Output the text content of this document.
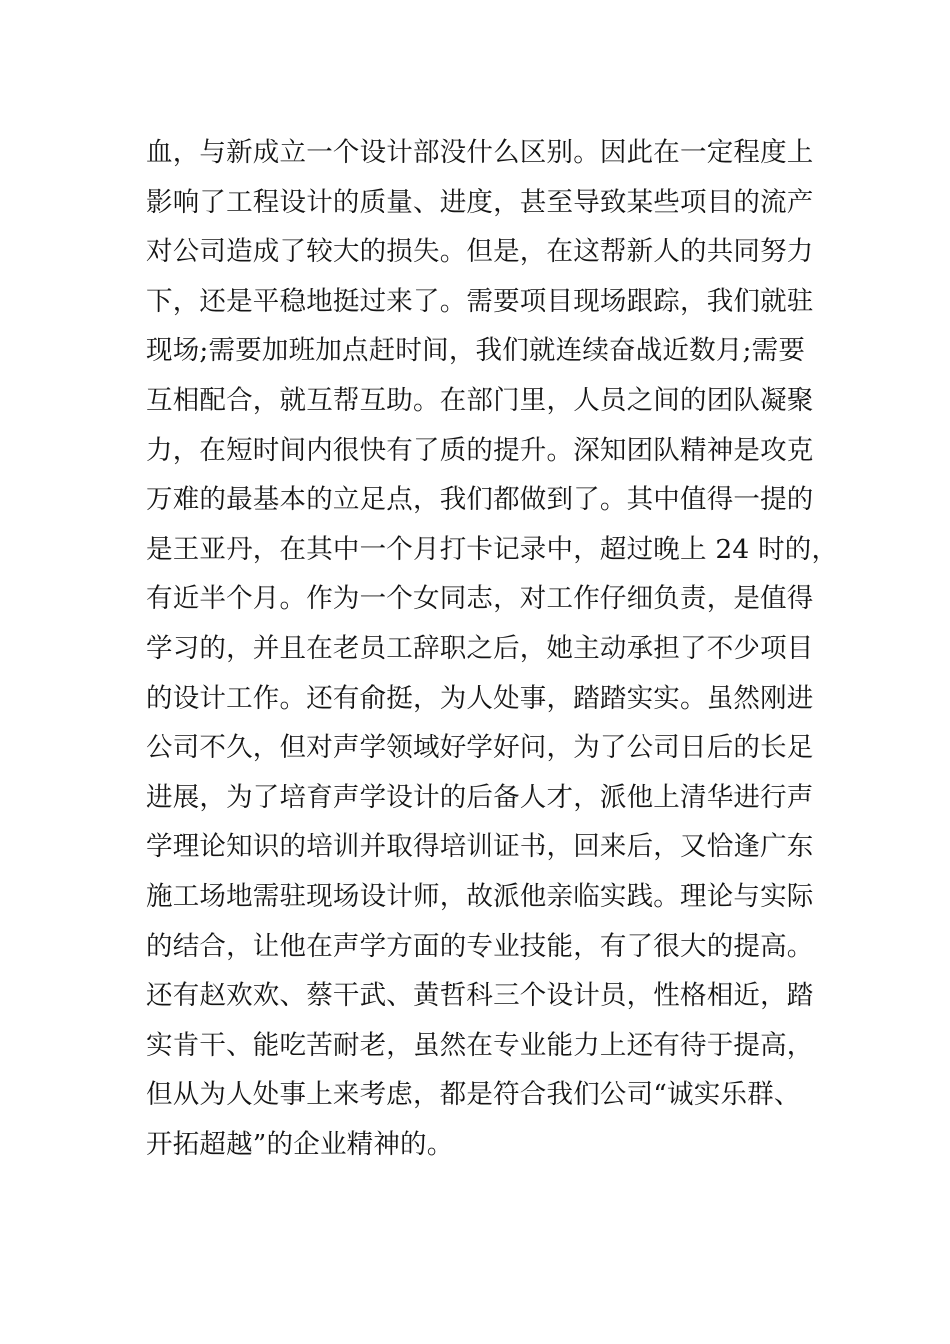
血，与新成立一个设计部没什么区别。因此在一定程度上
影响了工程设计的质量、进度，甚至导致某些项目的流产
对公司造成了较大的损失。但是，在这帮新人的共同努力
下，还是平稳地挺过来了。需要项目现场跟踪，我们就驻
现场;需要加班加点赶时间，我们就连续奋战近数月;需要
互相配合，就互帮互助。在部门里，人员之间的团队凝聚
力，在短时间内很快有了质的提升。深知团队精神是攻克
万难的最基本的立足点，我们都做到了。其中值得一提的
是王亚丹，在其中一个月打卡记录中，超过晚上 24 时的，
有近半个月。作为一个女同志，对工作仔细负责，是值得
学习的，并且在老员工辞职之后，她主动承担了不少项目
的设计工作。还有俞挺，为人处事，踏踏实实。虽然刚进
公司不久，但对声学领域好学好问，为了公司日后的长足
进展，为了培育声学设计的后备人才，派他上清华进行声
学理论知识的培训并取得培训证书，回来后，又恰逢广东
施工场地需驻现场设计师，故派他亲临实践。理论与实际
的结合，让他在声学方面的专业技能，有了很大的提高。
还有赵欢欢、蔡干武、黄哲科三个设计员，性格相近，踏
实肯干、能吃苦耐老，虽然在专业能力上还有待于提高，
但从为人处事上来考虑，都是符合我们公司“诚实乐群、
开拓超越”的企业精神的。
